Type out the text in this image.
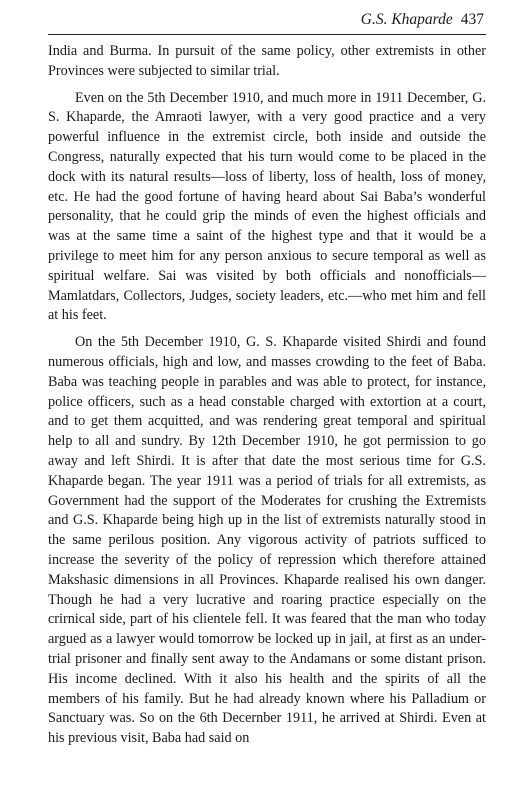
G.S. Khaparde 437

India and Burma. In pursuit of the same policy, other extremists in other Provinces were subjected to similar trial.

Even on the 5th December 1910, and much more in 1911 December, G. S. Khaparde, the Amraoti lawyer, with a very good practice and a very powerful influence in the extremist circle, both inside and outside the Congress, naturally expected that his turn would come to be placed in the dock with its natural results—loss of liberty, loss of health, loss of money, etc. He had the good fortune of having heard about Sai Baba’s wonderful personality, that he could grip the minds of even the highest officials and was at the same time a saint of the highest type and that it would be a privilege to meet him for any person anxious to secure temporal as well as spiritual welfare. Sai was visited by both officials and nonofficials—Mamlatdars, Collectors, Judges, society leaders, etc.—who met him and fell at his feet.

On the 5th December 1910, G. S. Khaparde visited Shirdi and found numerous officials, high and low, and masses crowding to the feet of Baba. Baba was teaching people in parables and was able to protect, for instance, police officers, such as a head constable charged with extortion at a court, and to get them acquitted, and was rendering great temporal and spiritual help to all and sundry. By 12th December 1910, he got permission to go away and left Shirdi. It is after that date the most serious time for G.S. Khaparde began. The year 1911 was a period of trials for all extremists, as Government had the support of the Moderates for crushing the Extremists and G.S. Khaparde being high up in the list of extremists naturally stood in the same perilous position. Any vigorous activity of patriots sufficed to increase the severity of the policy of repression which therefore attained Makshasic dimensions in all Provinces. Khaparde realised his own danger. Though he had a very lucrative and roaring practice especially on the crirnical side, part of his clientele fell. It was feared that the man who today argued as a lawyer would tomorrow be locked up in jail, at first as an under-trial prisoner and finally sent away to the Andamans or some distant prison. His income declined. With it also his health and the spirits of all the members of his family. But he had already known where his Palladium or Sanctuary was. So on the 6th Decernber 1911, he arrived at Shirdi. Even at his previous visit, Baba had said on
